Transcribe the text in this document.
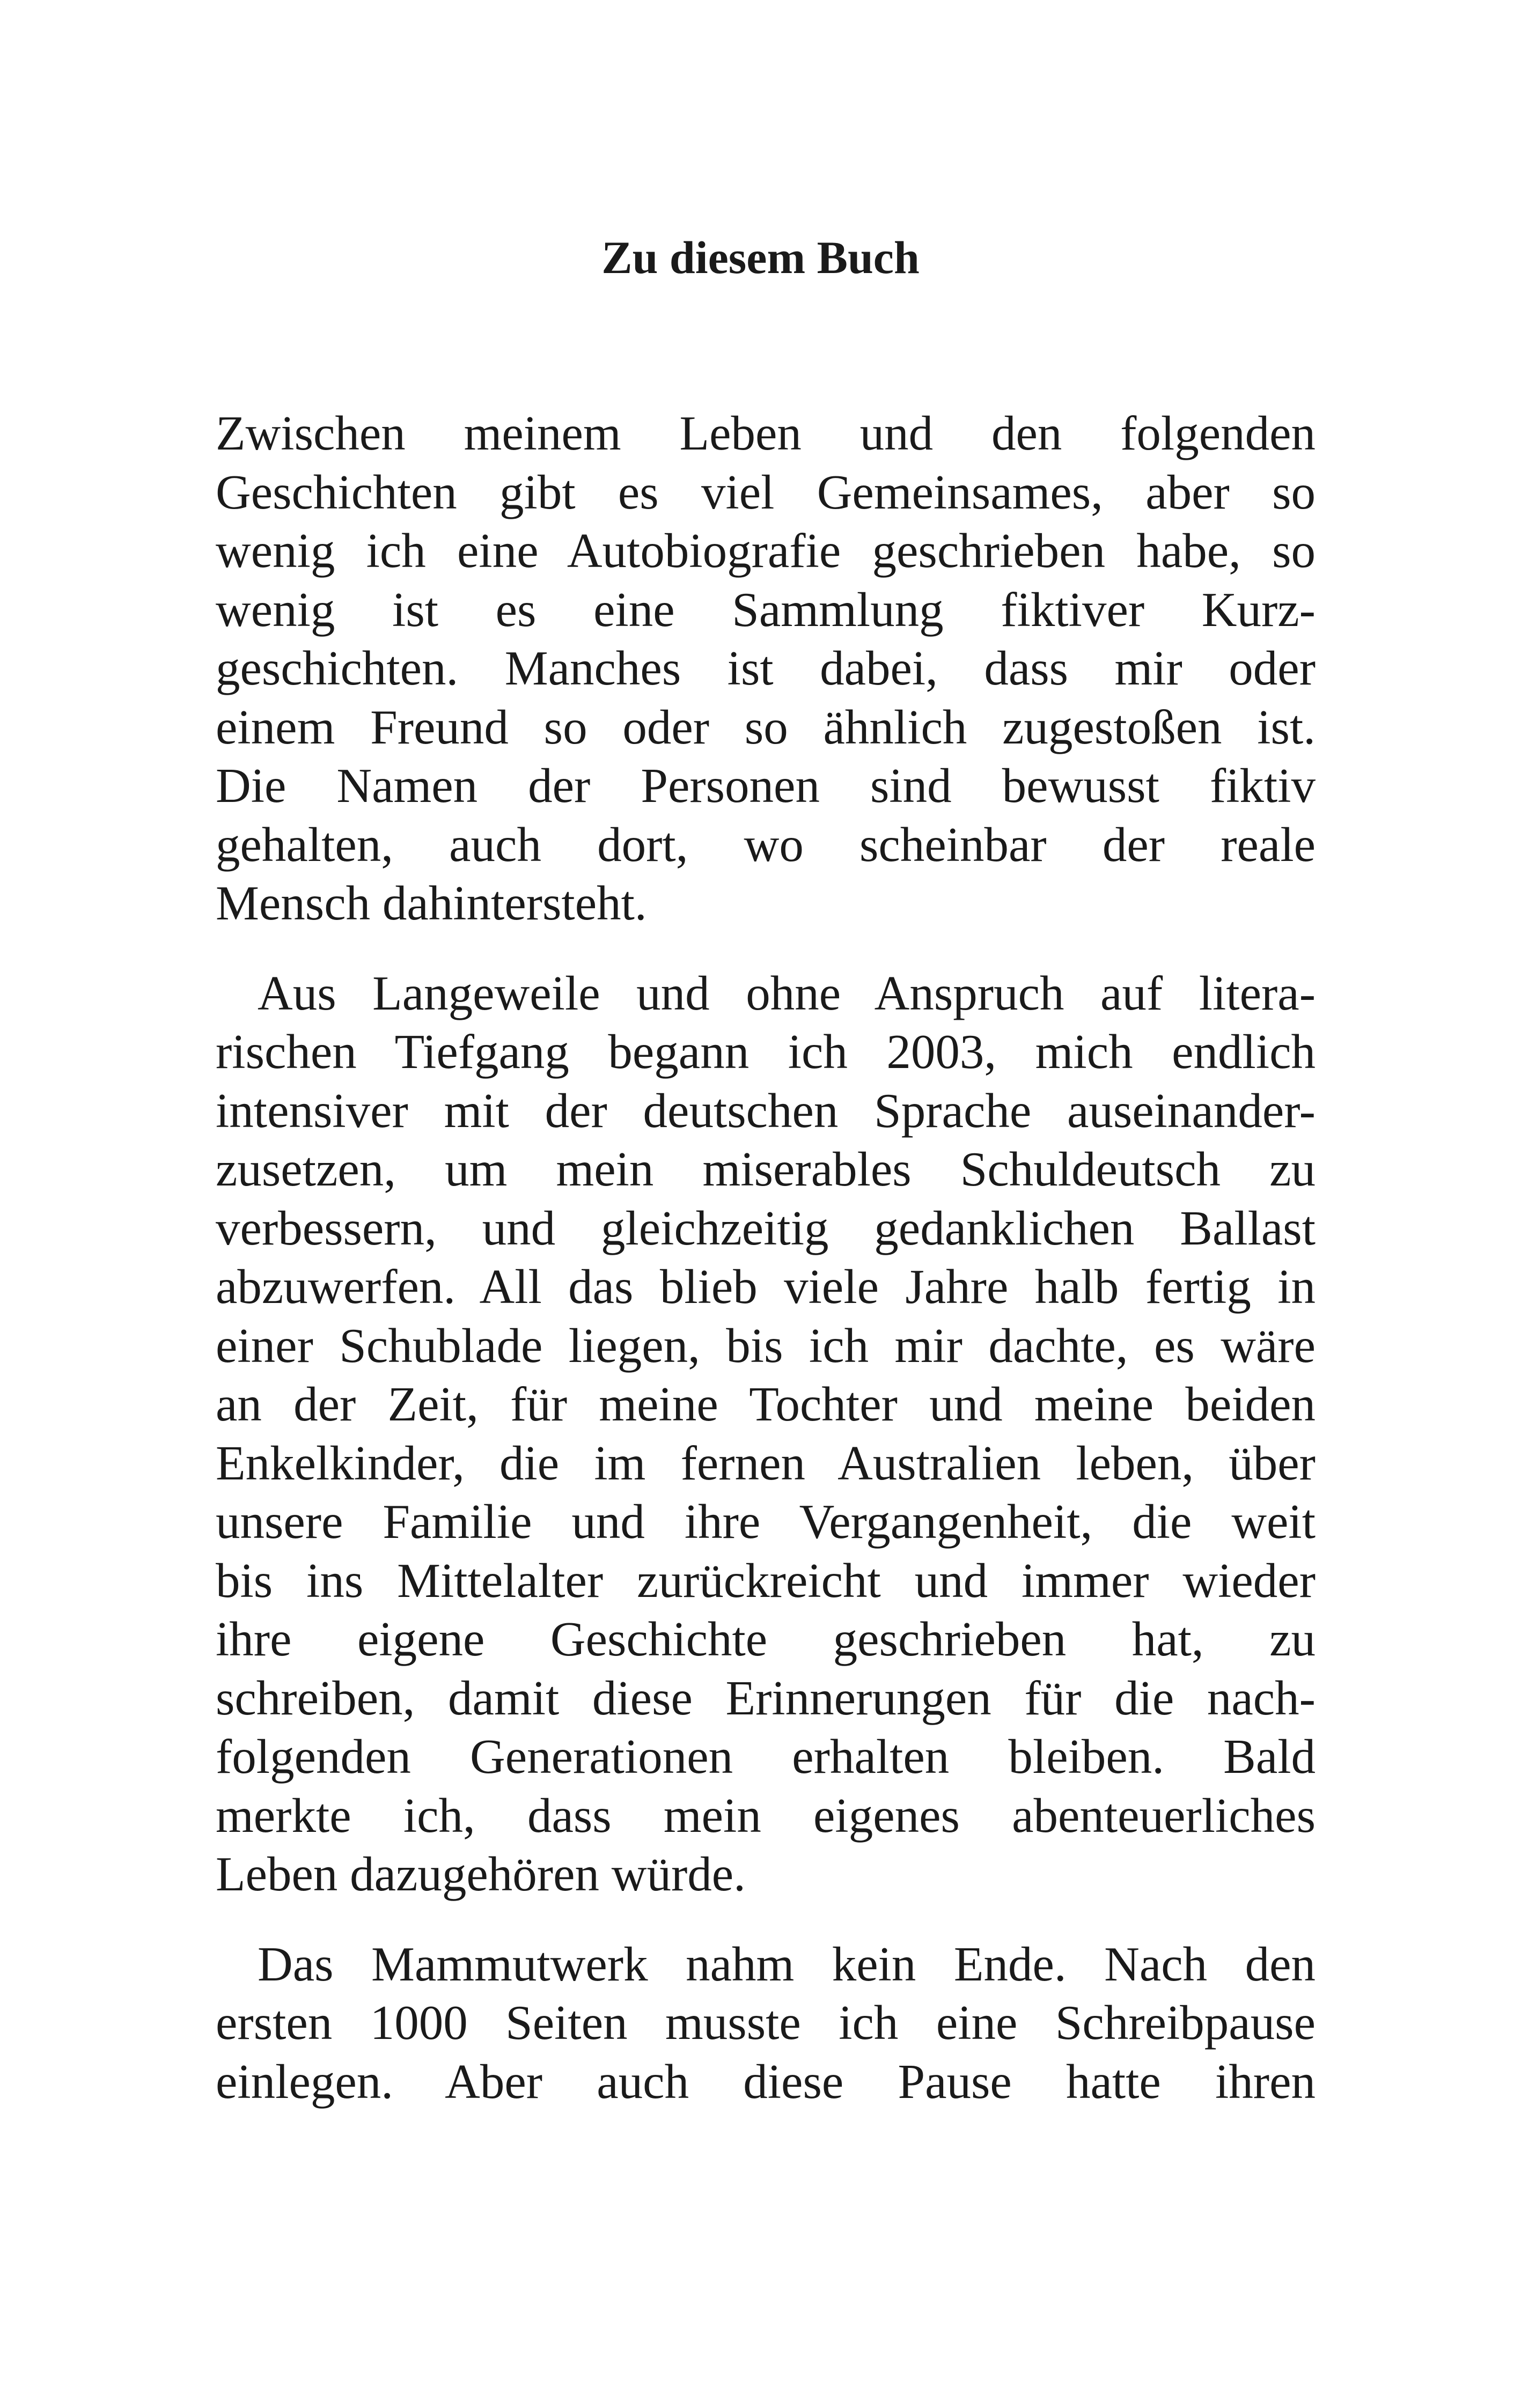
Zu diesem Buch
Zwischen meinem Leben und den folgenden
Geschichten gibt es viel Gemeinsames, aber so
wenig ich eine Autobiografie geschrieben habe, so
wenig ist es eine Sammlung fiktiver Kurz-
geschichten. Manches ist dabei, dass mir oder
einem Freund so oder so ähnlich zugestoßen ist.
Die Namen der Personen sind bewusst fiktiv
gehalten, auch dort, wo scheinbar der reale
Mensch dahintersteht.
Aus Langeweile und ohne Anspruch auf litera-
rischen Tiefgang begann ich 2003, mich endlich
intensiver mit der deutschen Sprache auseinander-
zusetzen, um mein miserables Schuldeutsch zu
verbessern, und gleichzeitig gedanklichen Ballast
abzuwerfen. All das blieb viele Jahre halb fertig in
einer Schublade liegen, bis ich mir dachte, es wäre
an der Zeit, für meine Tochter und meine beiden
Enkelkinder, die im fernen Australien leben, über
unsere Familie und ihre Vergangenheit, die weit
bis ins Mittelalter zurückreicht und immer wieder
ihre eigene Geschichte geschrieben hat, zu
schreiben, damit diese Erinnerungen für die nach-
folgenden Generationen erhalten bleiben. Bald
merkte ich, dass mein eigenes abenteuerliches
Leben dazugehören würde.
Das Mammutwerk nahm kein Ende. Nach den
ersten 1000 Seiten musste ich eine Schreibpause
einlegen. Aber auch diese Pause hatte ihren
